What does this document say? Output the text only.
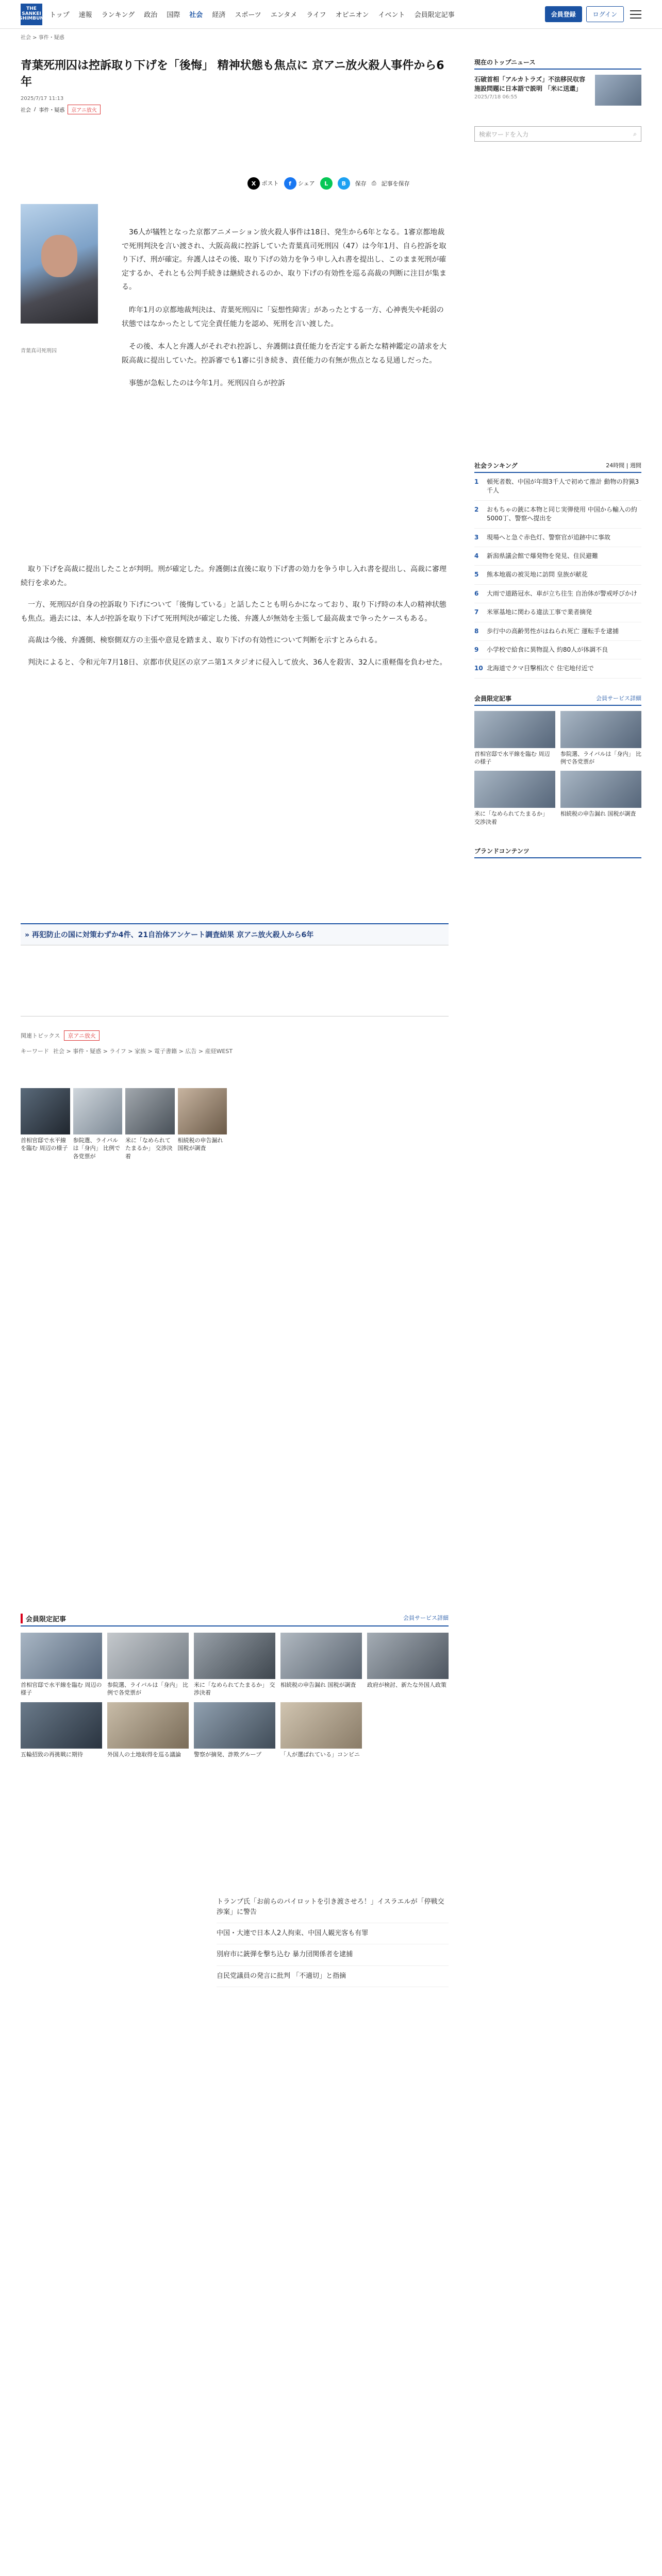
THE
SANKEI
SHIMBUN トップ 速報 ランキング 政治 国際 社会 経済 スポーツ エンタメ ライフ オピニオン イベント 会員限定記事	会員登録	ログイン
社会 > 事件・疑惑
青葉死刑囚は控訴取り下げを「後悔」 精神状態も焦点に 京アニ放火殺人事件から6年
2025/7/17 11:13
社会 / 事件・疑惑	京アニ放火
X ポスト	f シェア	L	B	保存 ⎙ 記事を保存
青葉真司死刑囚

36人が犠牲となった京都アニメーション放火殺人事件は18日、発生から6年となる。1審京都地裁で死刑判決を言い渡され、大阪高裁に控訴していた青葉真司死刑囚（47）は今年1月、自ら控訴を取り下げ、刑が確定。弁護人はその後、取り下げの効力を争う申し入れ書を提出し、このまま死刑が確定するか、それとも公判手続きは継続されるのか、取り下げの有効性を巡る高裁の判断に注目が集まる。

昨年1月の京都地裁判決は、青葉死刑囚に「妄想性障害」があったとする一方、心神喪失や耗弱の状態ではなかったとして完全責任能力を認め、死刑を言い渡した。

その後、本人と弁護人がそれぞれ控訴し、弁護側は責任能力を否定する新たな精神鑑定の請求を大阪高裁に提出していた。控訴審でも1審に引き続き、責任能力の有無が焦点となる見通しだった。

事態が急転したのは今年1月。死刑囚自らが控訴

取り下げを高裁に提出したことが判明。刑が確定した。弁護側は直後に取り下げ書の効力を争う申し入れ書を提出し、高裁に審理続行を求めた。

一方、死刑囚が自身の控訴取り下げについて「後悔している」と話したことも明らかになっており、取り下げ時の本人の精神状態も焦点。過去には、本人が控訴を取り下げて死刑判決が確定した後、弁護人が無効を主張して最高裁まで争ったケースもある。

高裁は今後、弁護側、検察側双方の主張や意見を踏まえ、取り下げの有効性について判断を示すとみられる。

判決によると、令和元年7月18日、京都市伏見区の京アニ第1スタジオに侵入して放火、36人を殺害、32人に重軽傷を負わせた。

» 再犯防止の国に対策わずか4件、21自治体アンケート調査結果 京アニ放火殺人から6年
関連トピックス	京アニ放火
キーワード 社会 > 事件・疑惑 > ライフ > 家族 > 電子書籍 > 広告 > 産経WEST
首相官邸で水平線を臨む 周辺の様子
参院選、ライバルは「身内」 比例で各党票が
米に「なめられてたまるか」 交渉決着
相続税の申告漏れ 国税が調査
会員限定記事	会員サービス詳細
首相官邸で水平線を臨む 周辺の様子
参院選、ライバルは「身内」 比例で各党票が
米に「なめられてたまるか」 交渉決着
相続税の申告漏れ 国税が調査	政府が検討、新たな外国人政策
五輪招致の再挑戦に期待	外国人の土地取得を巡る議論	警察が摘発、詐欺グループ	「人が選ばれている」コンビニ
トランプ氏「お前らのパイロットを引き渡させろ！」イスラエルが「停戦交渉案」に警告
中国・大連で日本人2人拘束、中国人観光客も有罪
別府市に銃弾を撃ち込む 暴力団関係者を逮捕
自民党議員の発言に批判 「不適切」と指摘
現在のトップニュース
石破首相「アルカトラズ」不法移民収容施設問題に日本語で説明 「米に送還」
2025/7/18 06:55
検索ワードを入力	⌕
社会ランキング	24時間 | 週間
1	頓死者数、中国が年間3千人で初めて推計 動物の狩猟3千人
2	おもちゃの銃に本物と同じ実弾使用 中国から輸入の約5000丁、警察へ提出を
3	現場へと急ぐ赤色灯、警察官が追跡中に事故
4	新潟県議会館で爆発物を発見、住民避難
5	熊本地震の被災地に訪問 皇族が献花
6	大雨で道路冠水、車が立ち往生 自治体が警戒呼びかけ
7	米軍基地に関わる違法工事で業者摘発
8	歩行中の高齢男性がはねられ死亡 運転手を逮捕
9	小学校で給食に異物混入 約80人が体調不良
10 北海道でクマ目撃相次ぐ 住宅地付近で
会員限定記事	会員サービス詳細
首相官邸で水平線を臨む 周辺の様子
参院選、ライバルは「身内」 比例で各党票が
米に「なめられてたまるか」 交渉決着
相続税の申告漏れ 国税が調査
ブランドコンテンツ
